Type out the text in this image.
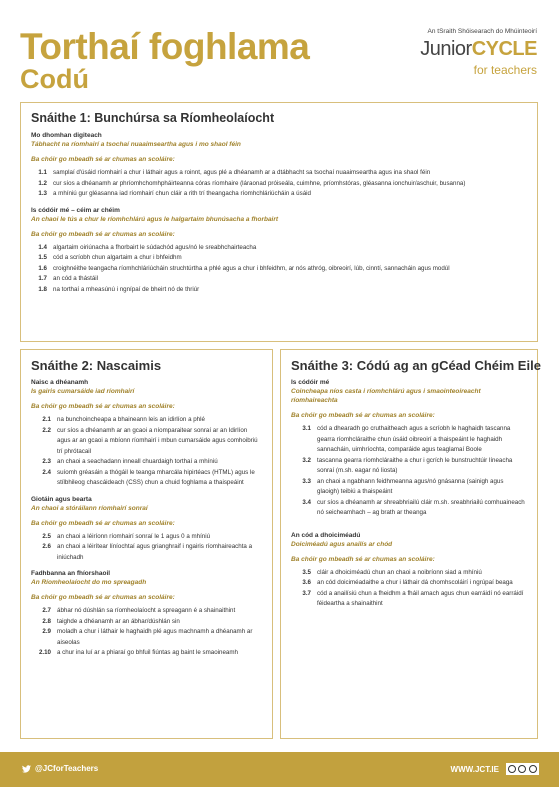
Torthaí foghlama
Codú
An tSraith Shóisearach do Mhúinteoirí
JuniorCYCLE
for teachers
Snáithe 1: Bunchúrsa sa Ríomheolaíocht
Mo dhomhan digiteach
Tábhacht na ríomhairí a tsochaí nuaaimseartha agus i mo shaol féin
Ba chóir go mbeadh sé ar chumas an scoláire:
1.1 samplaí d'úsáid ríomhairí a chur i láthair agus a roinnt, agus plé a dhéanamh ar a dtábhacht sa tsochaí nuaaimseartha agus ina shaol féin
1.2 cur síos a dhéanamh ar phríomhchomhpháirteanna córas ríomhaire (láraonad próiseála, cuimhne, príomhstóras, gléasanna ionchuir/aschuir, busanna)
1.3 a mhíniú gur gléasanna iad ríomhairí chun cláir a rith trí theangacha ríomhchláriúcháin a úsáid
Is códóir mé – céim ar chéim
An chaoi le tús a chur le ríomhchlárú agus le halgartaim bhunúsacha a fhorbairt
Ba chóir go mbeadh sé ar chumas an scoláire:
1.4 algartaim oiriúnacha a fhorbairt le súdachód agus/nó le sreabhchairteacha
1.5 cód a scríobh chun algartaim a chur i bhfeidhm
1.6 croighnéithe teangacha ríomhchláriúcháin struchtúrtha a phlé agus a chur i bhfeidhm, ar nós athróg, oibreoirí, lúb, cinntí, sannacháin agus modúl
1.7 an cód a thástáil
1.8 na torthaí a mheasúnú i ngnípaí de bheirt nó de thriúr
Snáithe 2: Nascaimis
Naisc a dhéanamh
Is gairis cumarsáide iad ríomhairí
Ba chóir go mbeadh sé ar chumas an scoláire:
2.1 na bunchoincheapa a bhaineann leis an idirlíon a phlé
2.2 cur síos a dhéanamh ar an gcaoi a níomparaitear sonraí ar an Idirlíon agus ar an gcaoi a mbíonn ríomhairí i mbun cumarsáide agus comhoibriú trí phrótacail
2.3 an chaoi a seachadann inneall chuardaigh torthaí a mhíniú
2.4 suíomh gréasáin a thógáil le teanga mharcála hipirtéacs (HTML) agus le stílbhileog chascáideach (CSS) chun a chuid foghlama a thaispeáint
Giotáin agus bearta
An chaoi a stóráilann ríomhairí sonraí
Ba chóir go mbeadh sé ar chumas an scoláire:
2.5 an chaoi a léiríonn ríomhairí sonraí le 1 agus 0 a mhíniú
2.6 an chaoi a léirítear líníochtaí agus grianghraif i ngairis ríomhaireachta a iniúchadh
Fadhbanna an fhíorshaoil
An Ríomheolaíocht do mo spreagadh
Ba chóir go mbeadh sé ar chumas an scoláire:
2.7 ábhar nó dúshlán sa ríomheolaíocht a spreagann é a shainaithint
2.8 taighde a dhéanamh ar an ábhar/dúshlán sin
2.9 moladh a chur i láthair le haghaidh plé agus machnamh a dhéanamh ar aiseolas
2.10 a chur ina luí ar a phiaraí go bhfuil fiúntas ag baint le smaoineamh
Snáithe 3: Códú ag an gCéad Chéim Eile
Is códóir mé
Coincheapa níos casta i ríomhchlárú agus i smaointeoireacht ríomhaireachta
Ba chóir go mbeadh sé ar chumas an scoláire:
3.1 cód a dhearadh go cruthaitheach agus a scríobh le haghaidh tascanna gearra ríomhcláraithe chun úsáid oibreoirí a thaispeáint le haghaidh sannacháin, uimhríochta, comparáide agus teaglamaí Boole
3.2 tascanna gearra ríomhcláraithe a chur i gcrích le bunstruchtúir líneacha sonraí (m.sh. eagar nó liosta)
3.3 an chaoi a ngabhann feidhmeanna agus/nó gnásanna (sainigh agus glaoigh) teibiú a thaispeáint
3.4 cur síos a dhéanamh ar shreabhriailú cláir m.sh. sreabhriailú comhuaineach nó seicheamhach – ag brath ar theanga
An cód a dhoiciméadú
Doiciméadú agus anailís ar chód
Ba chóir go mbeadh sé ar chumas an scoláire:
3.5 cláir a dhoiciméadú chun an chaoi a noibríonn siad a mhíniú
3.6 an cód doiciméadaithe a chur i láthair dá chomhscoláirí i ngrúpaí beaga
3.7 cód a anailísiú chun a fheidhm a fháil amach agus chun earráidí nó earráidí féideartha a shainaithint
@JCforTeachers	WWW.JCT.IE
